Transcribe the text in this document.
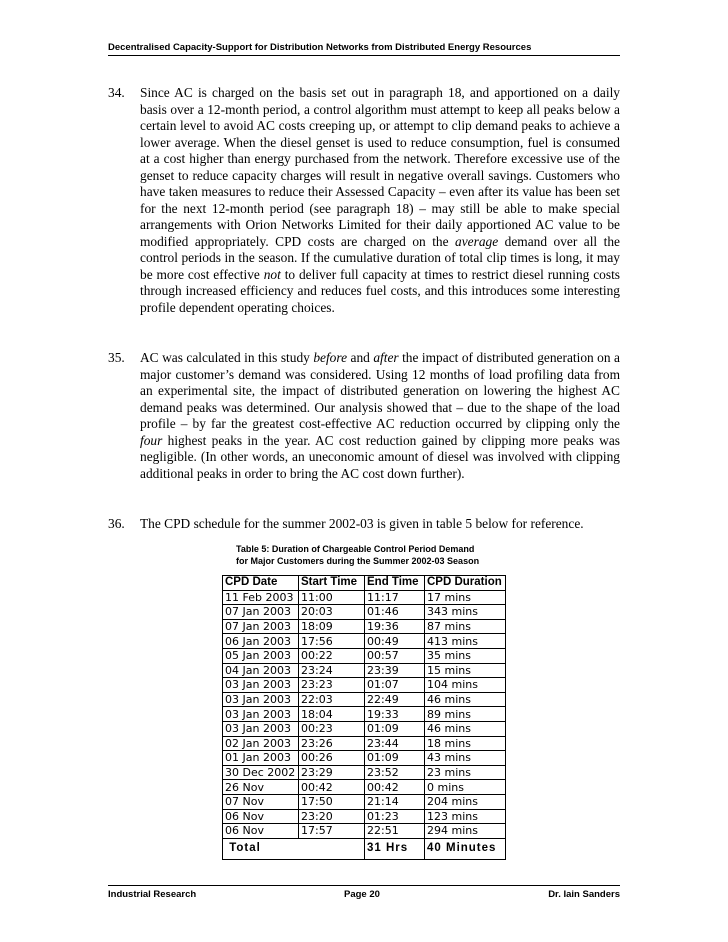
Decentralised Capacity-Support for Distribution Networks from Distributed Energy Resources
34. Since AC is charged on the basis set out in paragraph 18, and apportioned on a daily basis over a 12-month period, a control algorithm must attempt to keep all peaks below a certain level to avoid AC costs creeping up, or attempt to clip demand peaks to achieve a lower average. When the diesel genset is used to reduce consumption, fuel is consumed at a cost higher than energy purchased from the network. Therefore excessive use of the genset to reduce capacity charges will result in negative overall savings. Customers who have taken measures to reduce their Assessed Capacity – even after its value has been set for the next 12-month period (see paragraph 18) – may still be able to make special arrangements with Orion Networks Limited for their daily apportioned AC value to be modified appropriately. CPD costs are charged on the average demand over all the control periods in the season. If the cumulative duration of total clip times is long, it may be more cost effective not to deliver full capacity at times to restrict diesel running costs through increased efficiency and reduces fuel costs, and this introduces some interesting profile dependent operating choices.
35. AC was calculated in this study before and after the impact of distributed generation on a major customer’s demand was considered. Using 12 months of load profiling data from an experimental site, the impact of distributed generation on lowering the highest AC demand peaks was determined. Our analysis showed that – due to the shape of the load profile – by far the greatest cost-effective AC reduction occurred by clipping only the four highest peaks in the year. AC cost reduction gained by clipping more peaks was negligible. (In other words, an uneconomic amount of diesel was involved with clipping additional peaks in order to bring the AC cost down further).
36. The CPD schedule for the summer 2002-03 is given in table 5 below for reference.
Table 5: Duration of Chargeable Control Period Demand
for Major Customers during the Summer 2002-03 Season
CPD Date	Start Time	End Time	CPD Duration
11 Feb 2003	11:00	11:17	17 mins
07 Jan 2003	20:03	01:46	343 mins
07 Jan 2003	18:09	19:36	87 mins
06 Jan 2003	17:56	00:49	413 mins
05 Jan 2003	00:22	00:57	35 mins
04 Jan 2003	23:24	23:39	15 mins
03 Jan 2003	23:23	01:07	104 mins
03 Jan 2003	22:03	22:49	46 mins
03 Jan 2003	18:04	19:33	89 mins
03 Jan 2003	00:23	01:09	46 mins
02 Jan 2003	23:26	23:44	18 mins
01 Jan 2003	00:26	01:09	43 mins
30 Dec 2002	23:29	23:52	23 mins
26 Nov	00:42	00:42	0 mins
07 Nov	17:50	21:14	204 mins
06 Nov	23:20	01:23	123 mins
06 Nov	17:57	22:51	294 mins
Total		31 Hrs	40 Minutes
Industrial Research	Page 20	Dr. Iain Sanders
